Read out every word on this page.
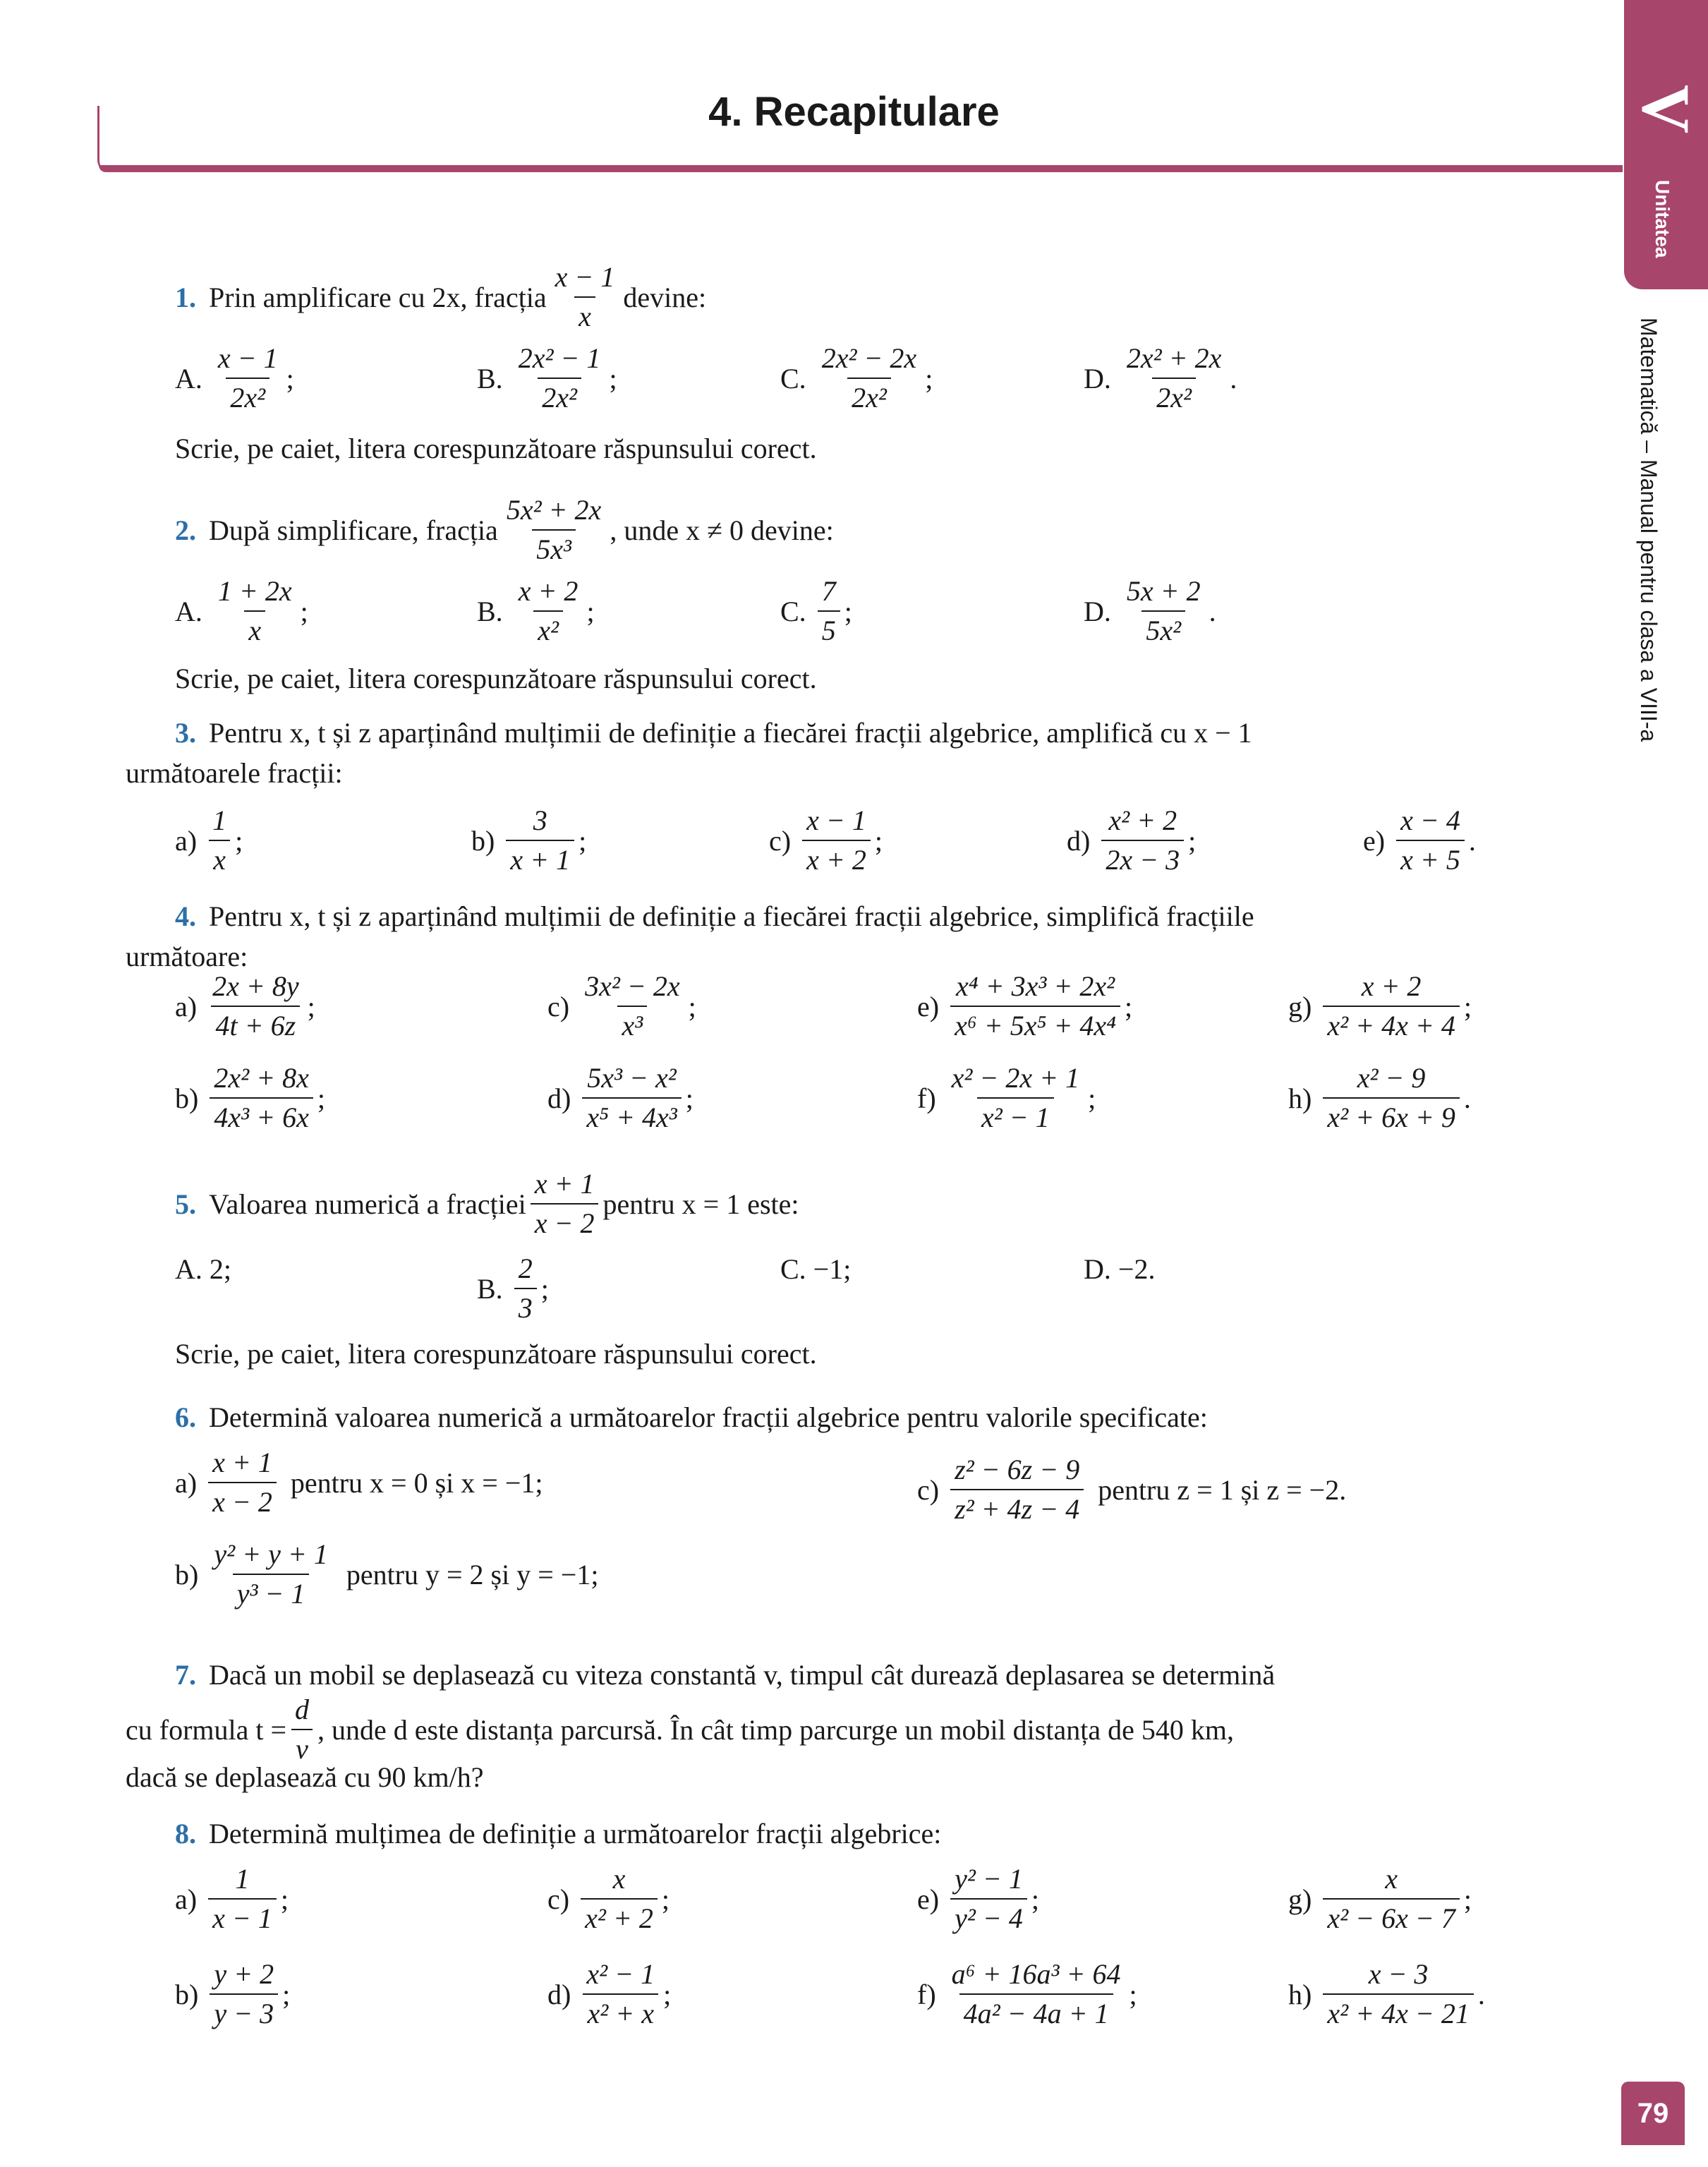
4. Recapitulare	V
Unitatea
Matematică – Manual pentru clasa a VIII-a
79
1. Prin amplificare cu 2x, fracția $\frac{x - 1}{x}$ devine:
A. $\frac{x - 1}{\text{2x²}}$ ;	B. $\frac{\text{2x² − 1}}{\text{2x²}}$ ;	C. $\frac{\text{2x² − 2x}}{\text{2x²}}$ ;	D. $\frac{\text{2x² + 2x}}{\text{2x²}}$ .
Scrie, pe caiet, litera corespunzătoare răspunsului corect.
2. După simplificare, fracția $\frac{\text{5x² + 2x}}{\text{5x³}}$ , unde x ≠ 0 devine:
A. $\frac{1 + 2x}{x}$ ;	B. $\frac{x + 2}{\text{x²}}$ ;	C. $\frac{7}{5}$ ;	D. $\frac{5x + 2}{\text{5x²}}$ .
Scrie, pe caiet, litera corespunzătoare răspunsului corect.
3. Pentru x, t și z aparținând mulțimii de definiție a fiecărei fracții algebrice, amplifică cu x − 1
următoarele fracții:
$a) \frac{1}{x}$ ;	$b) \frac{3}{x + 1}$ ;	$c) \frac{x - 1}{x + 2}$ ;	$d) \frac{\text{x² + 2}}{2x - 3}$ ;	$e) \frac{x - 4}{x + 5}$ .
4. Pentru x, t și z aparținând mulțimii de definiție a fiecărei fracții algebrice, simplifică fracțiile
următoare:
$a) \frac{2x + 8y}{4t + 6z}$ ;	$c) \frac{\text{3x² − 2x}}{\text{x³}}$ ;	$e) \frac{\text{x⁴ + 3x³ + 2x²}}{\text{x⁶ + 5x⁵ + 4x⁴}}$ ;	$g) \frac{x + 2}{\text{x² + 4x + 4}}$ ;
$b) \frac{\text{2x² + 8x}}{\text{4x³ + 6x}}$ ;	$d) \frac{\text{5x³ − x²}}{\text{x⁵ + 4x³}}$ ;	$f) \frac{\text{x² − 2x + 1}}{\text{x² − 1}}$ ;	$h) \frac{\text{x² − 9}}{\text{x² + 6x + 9}}$ .
5. Valoarea numerică a fracției $\frac{x + 1}{x - 2}$ pentru x = 1 este:
A. 2;
B. $\frac{2}{3}$ ;
C. −1;	D. −2.
Scrie, pe caiet, litera corespunzătoare răspunsului corect.
6. Determină valoarea numerică a următoarelor fracții algebrice pentru valorile specificate:
$a) \frac{x + 1}{x - 2}$ pentru x = 0 și x = −1;	$c) \frac{\text{z² − 6z − 9}}{\text{z² + 4z − 4}}$ pentru z = 1 și z = −2.
$b) \frac{\text{y² + y + 1}}{\text{y³ − 1}}$ pentru y = 2 și y = −1;
7. Dacă un mobil se deplasează cu viteza constantă v, timpul cât durează deplasarea se determină
cu formula $t = \frac{d}{v}$ , unde d este distanța parcursă. În cât timp parcurge un mobil distanța de 540 km,
dacă se deplasează cu 90 km/h?
8. Determină mulțimea de definiție a următoarelor fracții algebrice:
$a) \frac{1}{x - 1}$ ;	$c) \frac{x}{\text{x² + 2}}$ ;	$e) \frac{\text{y² − 1}}{\text{y² − 4}}$ ;	$g) \frac{x}{\text{x² − 6x − 7}}$ ;
$b) \frac{y + 2}{y - 3}$ ;	$d) \frac{\text{x² − 1}}{\text{x² + x}}$ ;	$f) \frac{\text{a⁶ + 16a³ + 64}}{\text{4a² − 4a + 1}}$ ;	$h) \frac{x - 3}{\text{x² + 4x − 21}}$ .
